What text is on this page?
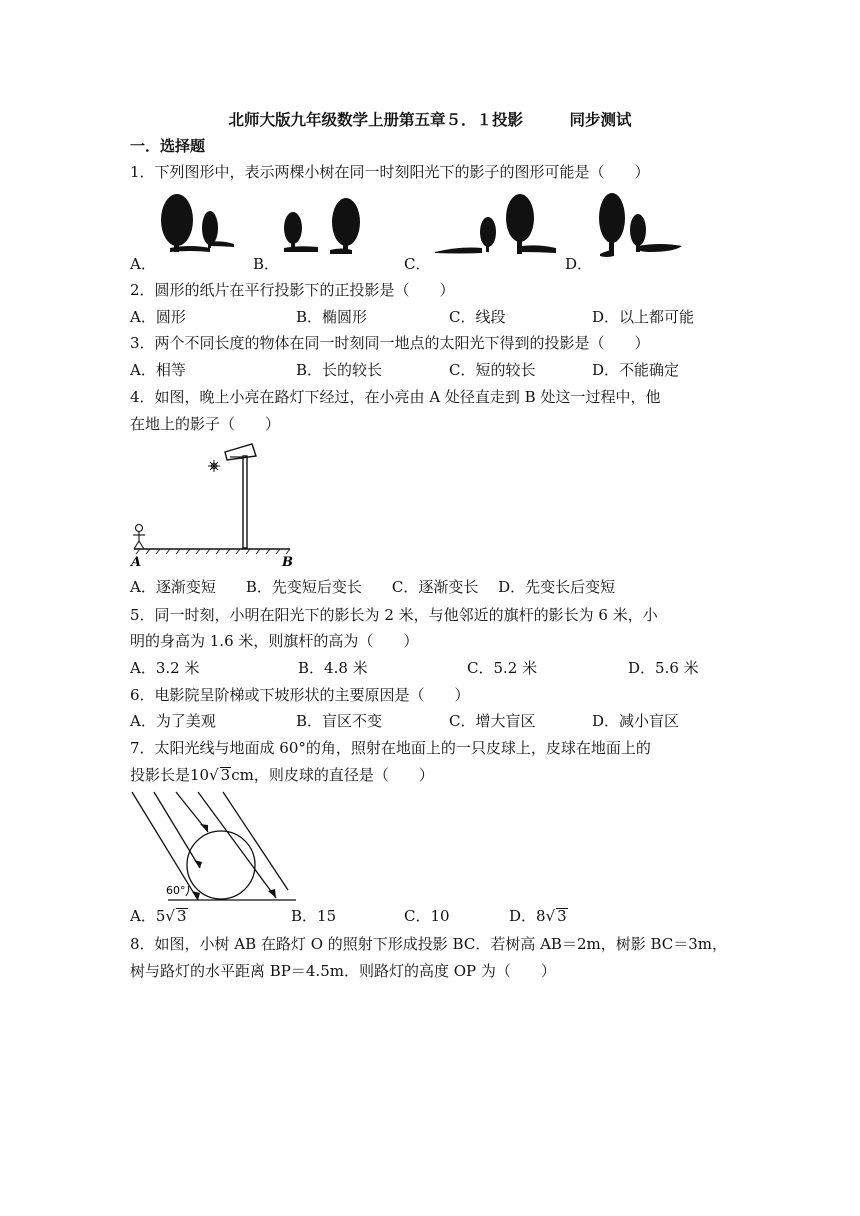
北师大版九年级数学上册第五章５．１投影　　　同步测试
一．选择题
1．下列图形中，表示两棵小树在同一时刻阳光下的影子的图形可能是（　　）
A．	B．	C．	D．
2．圆形的纸片在平行投影下的正投影是（　　）
A．圆形	B．椭圆形	C．线段	D．以上都可能
3．两个不同长度的物体在同一时刻同一地点的太阳光下得到的投影是（　　）
A．相等	B．长的较长	C．短的较长	D．不能确定
4．如图，晚上小亮在路灯下经过，在小亮由 A 处径直走到 B 处这一过程中，他
在地上的影子（　　）
A	B
A．逐渐变短　　B．先变短后变长　　C．逐渐变长　 D．先变长后变短
5．同一时刻，小明在阳光下的影长为 2 米，与他邻近的旗杆的影长为 6 米，小
明的身高为 1.6 米，则旗杆的高为（　　）
A．3.2 米	B．4.8 米	C．5.2 米	D．5.6 米
6．电影院呈阶梯或下坡形状的主要原因是（　　）
A．为了美观	B．盲区不变	C．增大盲区	D．减小盲区
7．太阳光线与地面成 60°的角，照射在地面上的一只皮球上，皮球在地面上的
投影长是10√ 3cm，则皮球的直径是（　　）
60°
A．5√ 3	B．15	C．10	D．8√ 3
8．如图，小树 AB 在路灯 O 的照射下形成投影 BC．若树高 AB＝2m，树影 BC＝3m，
树与路灯的水平距离 BP＝4.5m．则路灯的高度 OP 为（　　）
